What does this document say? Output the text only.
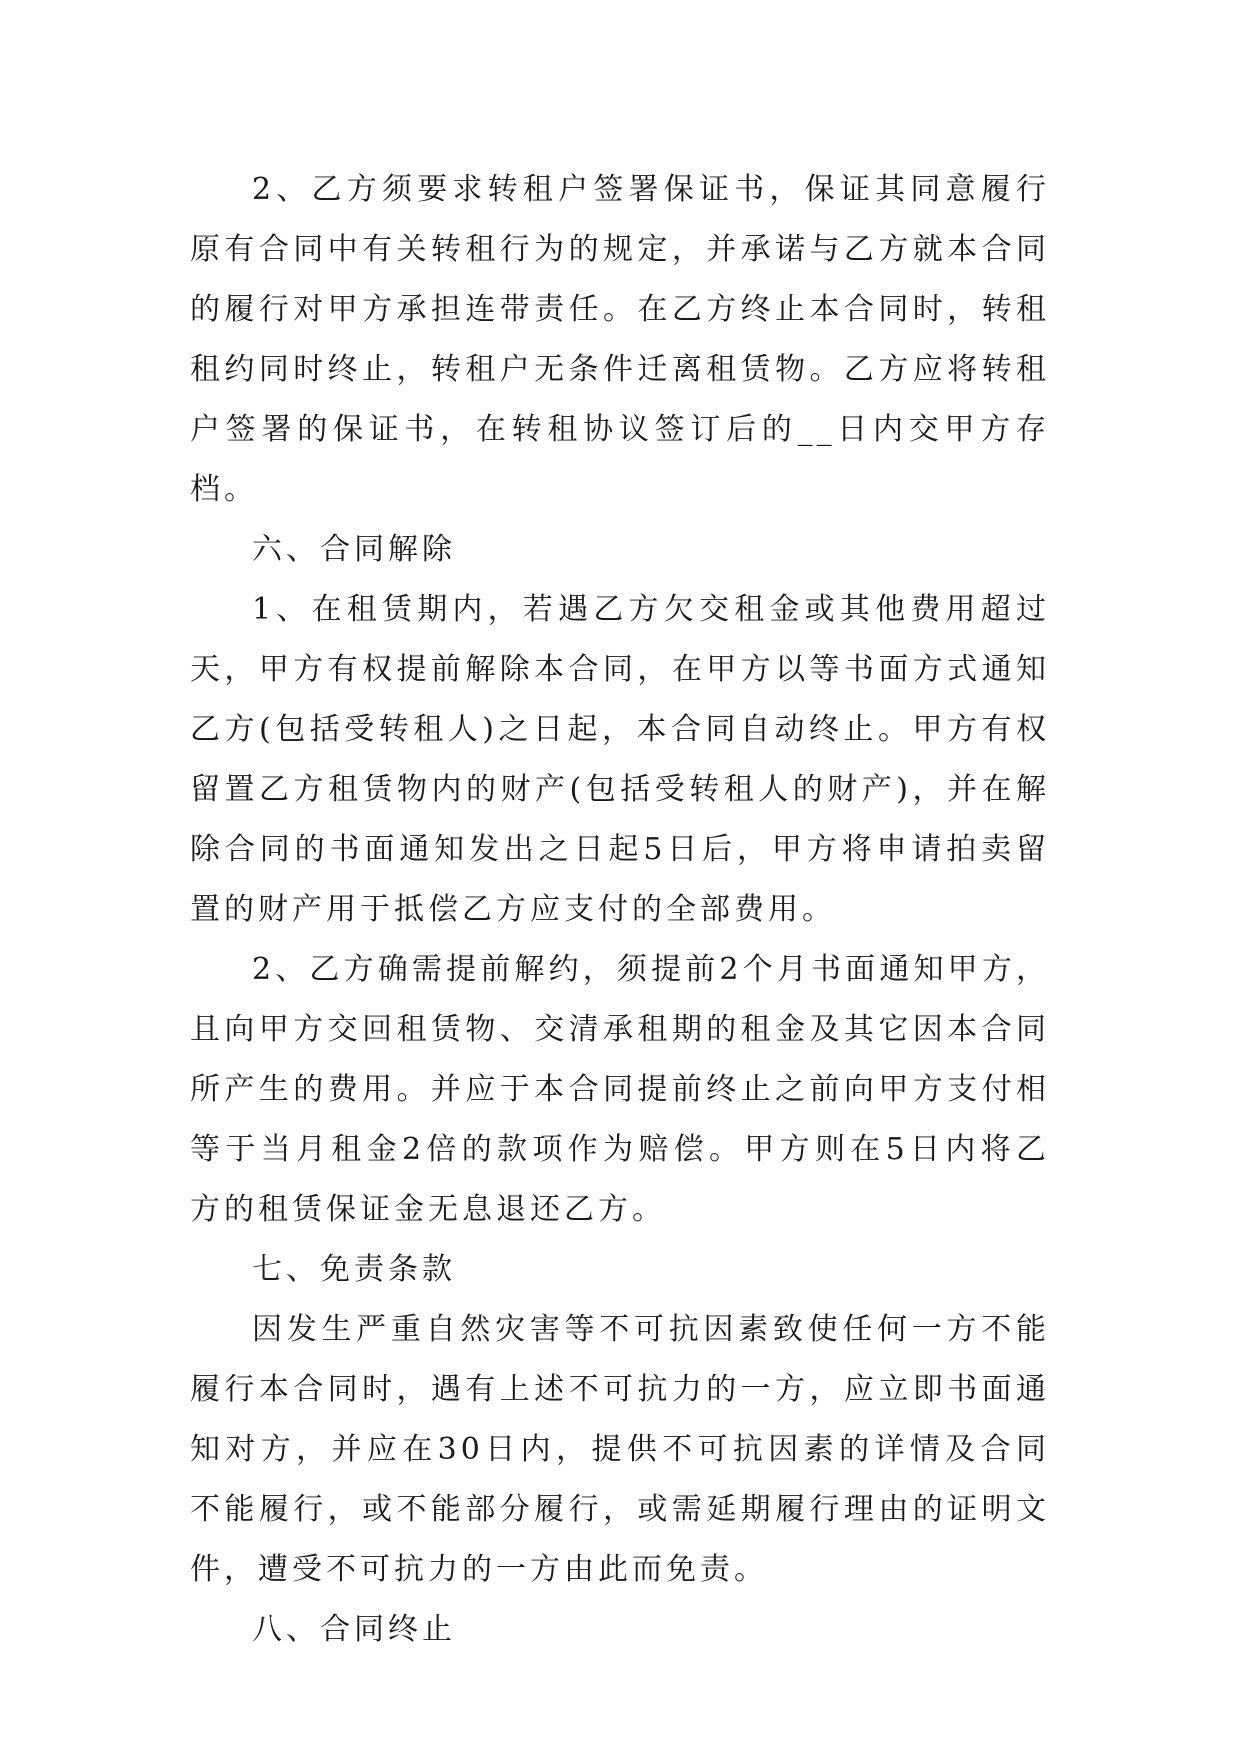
2、乙方须要求转租户签署保证书，保证其同意履行原有合同中有关转租行为的规定，并承诺与乙方就本合同的履行对甲方承担连带责任。在乙方终止本合同时，转租租约同时终止，转租户无条件迁离租赁物。乙方应将转租户签署的保证书，在转租协议签订后的__日内交甲方存档。

六、合同解除

1、在租赁期内，若遇乙方欠交租金或其他费用超过 天，甲方有权提前解除本合同，在甲方以等书面方式通知乙方(包括受转租人)之日起，本合同自动终止。甲方有权留置乙方租赁物内的财产(包括受转租人的财产)，并在解除合同的书面通知发出之日起5日后，甲方将申请拍卖留置的财产用于抵偿乙方应支付的全部费用。

2、乙方确需提前解约，须提前2个月书面通知甲方，且向甲方交回租赁物、交清承租期的租金及其它因本合同所产生的费用。并应于本合同提前终止之前向甲方支付相等于当月租金2倍的款项作为赔偿。甲方则在5日内将乙方的租赁保证金无息退还乙方。

七、免责条款

因发生严重自然灾害等不可抗因素致使任何一方不能履行本合同时，遇有上述不可抗力的一方，应立即书面通知对方，并应在30日内，提供不可抗因素的详情及合同不能履行，或不能部分履行，或需延期履行理由的证明文件，遭受不可抗力的一方由此而免责。

八、合同终止
